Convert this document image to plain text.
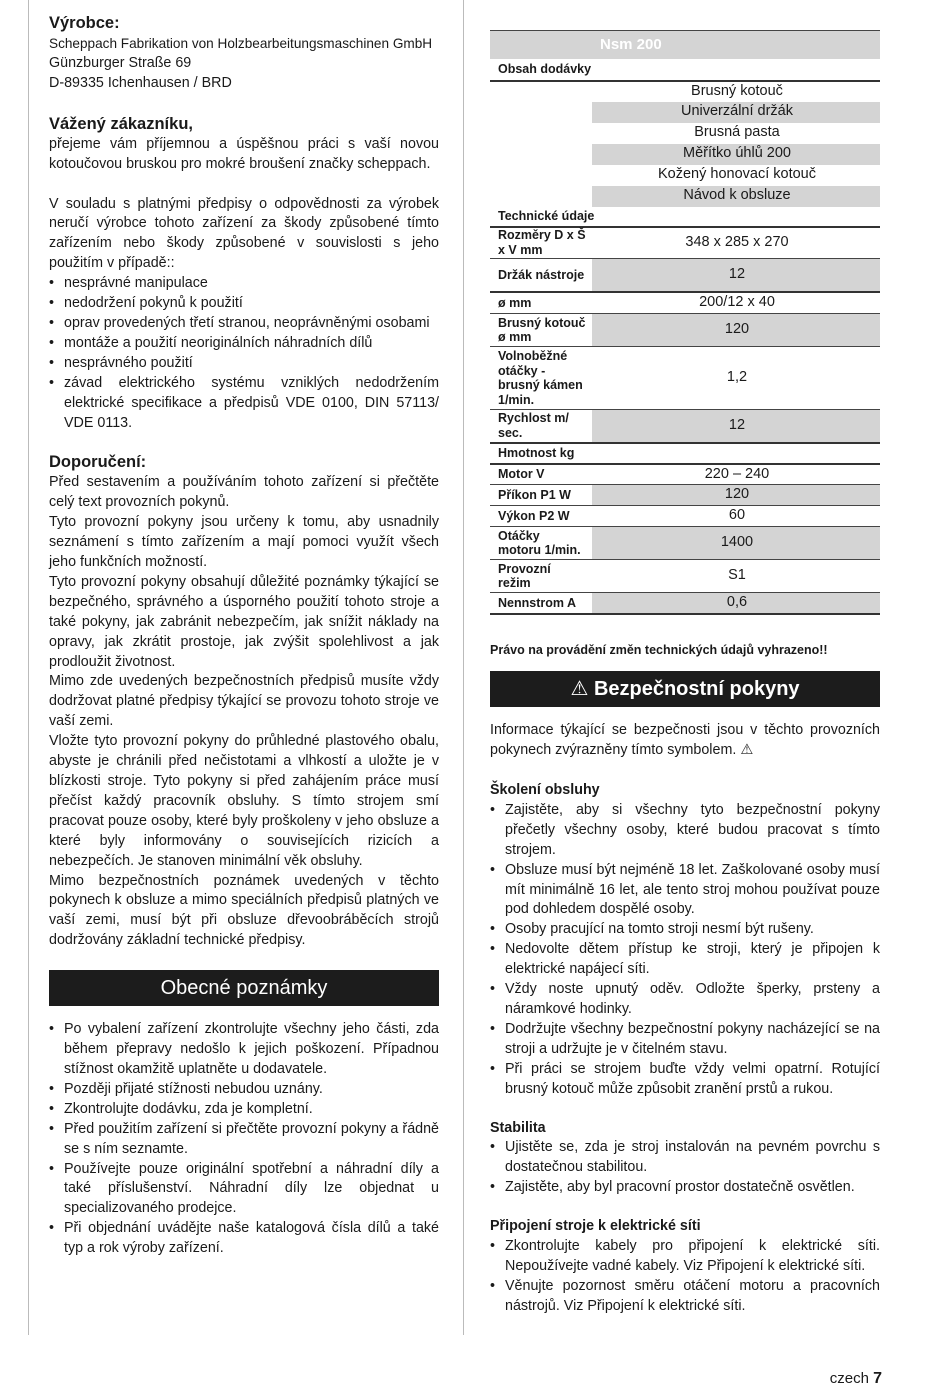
Výrobce:

Scheppach Fabrikation von Holzbearbeitungsmaschinen GmbH

Günzburger Straße 69

D-89335 Ichenhausen / BRD

Vážený zákazníku,

přejeme vám příjemnou a úspěšnou práci s vaší novou kotoučovou bruskou pro mokré broušení značky scheppach.

V souladu s platnými předpisy o odpovědnosti za výrobek neručí výrobce tohoto zařízení za škody způsobené tímto zařízením nebo škody způsobené v souvislosti s jeho použitím v případě::

• nesprávné manipulace
• nedodržení pokynů k použití
• oprav provedených třetí stranou, neoprávněnými osobami
• montáže a použití neoriginálních náhradních dílů
• nesprávného použití
• závad elektrického systému vzniklých nedodržením elektrické specifikace a předpisů VDE 0100, DIN 57113/ VDE 0113.
Doporučení:

Před sestavením a používáním tohoto zařízení si přečtěte celý text provozních pokynů.

Tyto provozní pokyny jsou určeny k tomu, aby usnadnily seznámení s tímto zařízením a mají pomoci využít všech jeho funkčních možností.

Tyto provozní pokyny obsahují důležité poznámky týkající se bezpečného, správného a úsporného použití tohoto stroje a také pokyny, jak zabránit nebezpečím, jak snížit náklady na opravy, jak zkrátit prostoje, jak zvýšit spolehlivost a jak prodloužit životnost.

Mimo zde uvedených bezpečnostních předpisů musíte vždy dodržovat platné předpisy týkající se provozu tohoto stroje ve vaší zemi.

Vložte tyto provozní pokyny do průhledné plastového obalu, abyste je chránili před nečistotami a vlhkostí a uložte je v blízkosti stroje. Tyto pokyny si před zahájením práce musí přečíst každý pracovník obsluhy. S tímto strojem smí pracovat pouze osoby, které byly proškoleny v jeho obsluze a které byly informovány o souvisejících rizicích a nebezpečích. Je stanoven minimální věk obsluhy.

Mimo bezpečnostních poznámek uvedených v těchto pokynech k obsluze a mimo speciálních předpisů platných ve vaší zemi, musí být při obsluze dřevoobráběcích strojů dodržovány základní technické předpisy.

Obecné poznámky
• Po vybalení zařízení zkontrolujte všechny jeho části, zda během přepravy nedošlo k jejich poškození. Případnou stížnost okamžitě uplatněte u dodavatele.
• Později přijaté stížnosti nebudou uznány.
• Zkontrolujte dodávku, zda je kompletní.
• Před použitím zařízení si přečtěte provozní pokyny a řádně se s ním seznamte.
• Používejte pouze originální spotřební a náhradní díly a také příslušenství. Náhradní díly lze objednat u specializovaného prodejce.
• Při objednání uvádějte naše katalogová čísla dílů a také typ a rok výroby zařízení.
	Nsm 200
Obsah dodávky	
	Brusný kotouč
	Univerzální držák
	Brusná pasta
	Měřítko úhlů 200
	Kožený honovací kotouč
	Návod k obsluze
Technické údaje	
Rozměry D x Š x V mm	348 x 285 x 270
Držák nástroje	12
ø mm	200/12 x 40
Brusný kotouč ø mm	120
Volnoběžné otáčky - brusný kámen 1/min.	1,2
Rychlost m/ sec.	12
Hmotnost kg	
Motor V	220 – 240
Příkon P1 W	120
Výkon P2 W	60
Otáčky motoru 1/min.	1400
Provozní režim	S1
Nennstrom A	0,6
Právo na provádění změn technických údajů vyhrazeno!!
⚠ Bezpečnostní pokyny

Informace týkající se bezpečnosti jsou v těchto provozních pokynech zvýrazněny tímto symbolem. ⚠

Školení obsluhy
• Zajistěte, aby si všechny tyto bezpečnostní pokyny přečetly všechny osoby, které budou pracovat s tímto strojem.
• Obsluze musí být nejméně 18 let. Zaškolované osoby musí mít minimálně 16 let, ale tento stroj mohou používat pouze pod dohledem dospělé osoby.
• Osoby pracující na tomto stroji nesmí být rušeny.
• Nedovolte dětem přístup ke stroji, který je připojen k elektrické napájecí síti.
• Vždy noste upnutý oděv. Odložte šperky, prsteny a náramkové hodinky.
• Dodržujte všechny bezpečnostní pokyny nacházející se na stroji a udržujte je v čitelném stavu.
• Při práci se strojem buďte vždy velmi opatrní. Rotující brusný kotouč může způsobit zranění prstů a rukou.
Stabilita
• Ujistěte se, zda je stroj instalován na pevném povrchu s dostatečnou stabilitou.
• Zajistěte, aby byl pracovní prostor dostatečně osvětlen.
Připojení stroje k elektrické síti
• Zkontrolujte kabely pro připojení k elektrické síti. Nepoužívejte vadné kabely. Viz Připojení k elektrické síti.
• Věnujte pozornost směru otáčení motoru a pracovních nástrojů. Viz Připojení k elektrické síti.
czech 7
